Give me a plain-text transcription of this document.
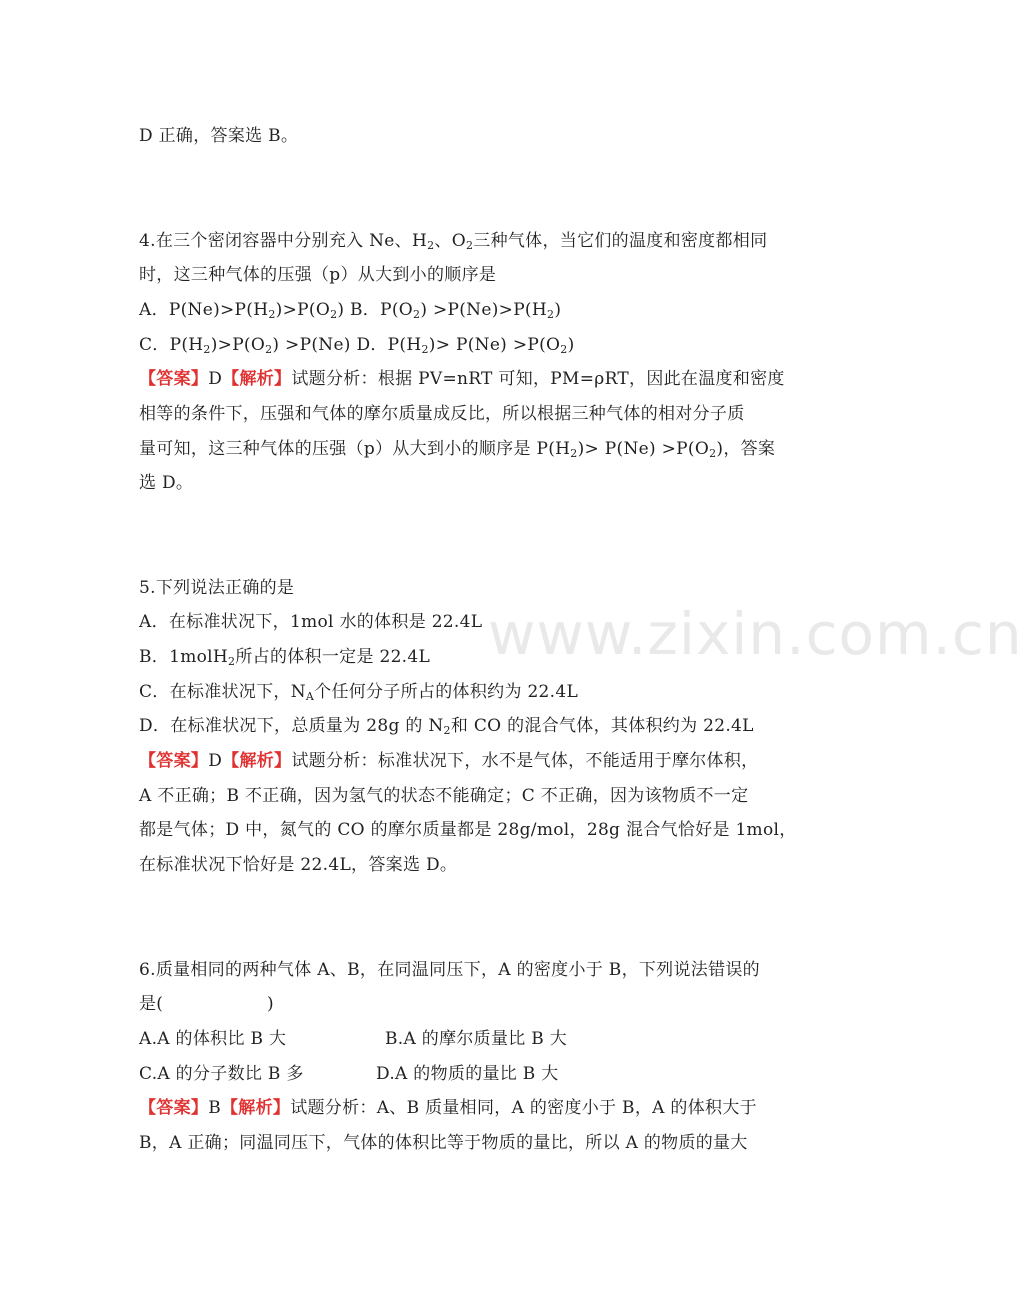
www.zixin.com.cn
D 正确，答案选 B。
4.在三个密闭容器中分别充入 Ne、$H_2$、$O_2$三种气体，当它们的温度和密度都相同
时，这三种气体的压强（p）从大到小的顺序是
A．$P(Ne)>P(H_2)>P(O_2)$ B．$P(O_2) >P(Ne)>P(H_2)$
C．$P(H_2)>P(O_2) >P(Ne)$ D．$P(H_2)> P(Ne) >P(O_2)$
【答案】D【解析】试题分析：根据 PV=nRT 可知，PM=ρRT，因此在温度和密度
相等的条件下，压强和气体的摩尔质量成反比，所以根据三种气体的相对分子质
量可知，这三种气体的压强（p）从大到小的顺序是 $P(H_2)> P(Ne) >P(O_2)$，答案
选 D。
5.下列说法正确的是
A．在标准状况下，1mol 水的体积是 22.4L
B．1molH$_2$所占的体积一定是 22.4L
C．在标准状况下，$N_A$个任何分子所占的体积约为 22.4L
D．在标准状况下，总质量为 28g 的 $N_2$和 CO 的混合气体，其体积约为 22.4L
【答案】D【解析】试题分析：标准状况下，水不是气体，不能适用于摩尔体积，
A 不正确；B 不正确，因为氢气的状态不能确定；C 不正确，因为该物质不一定
都是气体；D 中，氮气的 CO 的摩尔质量都是 28g/mol，28g 混合气恰好是 1mol，
在标准状况下恰好是 22.4L，答案选 D。
6.质量相同的两种气体 A、B，在同温同压下，A 的密度小于 B，下列说法错误的
是(　　　　　　)
A.A 的体积比 B 大	B.A 的摩尔质量比 B 大
C.A 的分子数比 B 多	D.A 的物质的量比 B 大
【答案】B【解析】试题分析：A、B 质量相同，A 的密度小于 B，A 的体积大于
B，A 正确；同温同压下，气体的体积比等于物质的量比，所以 A 的物质的量大
